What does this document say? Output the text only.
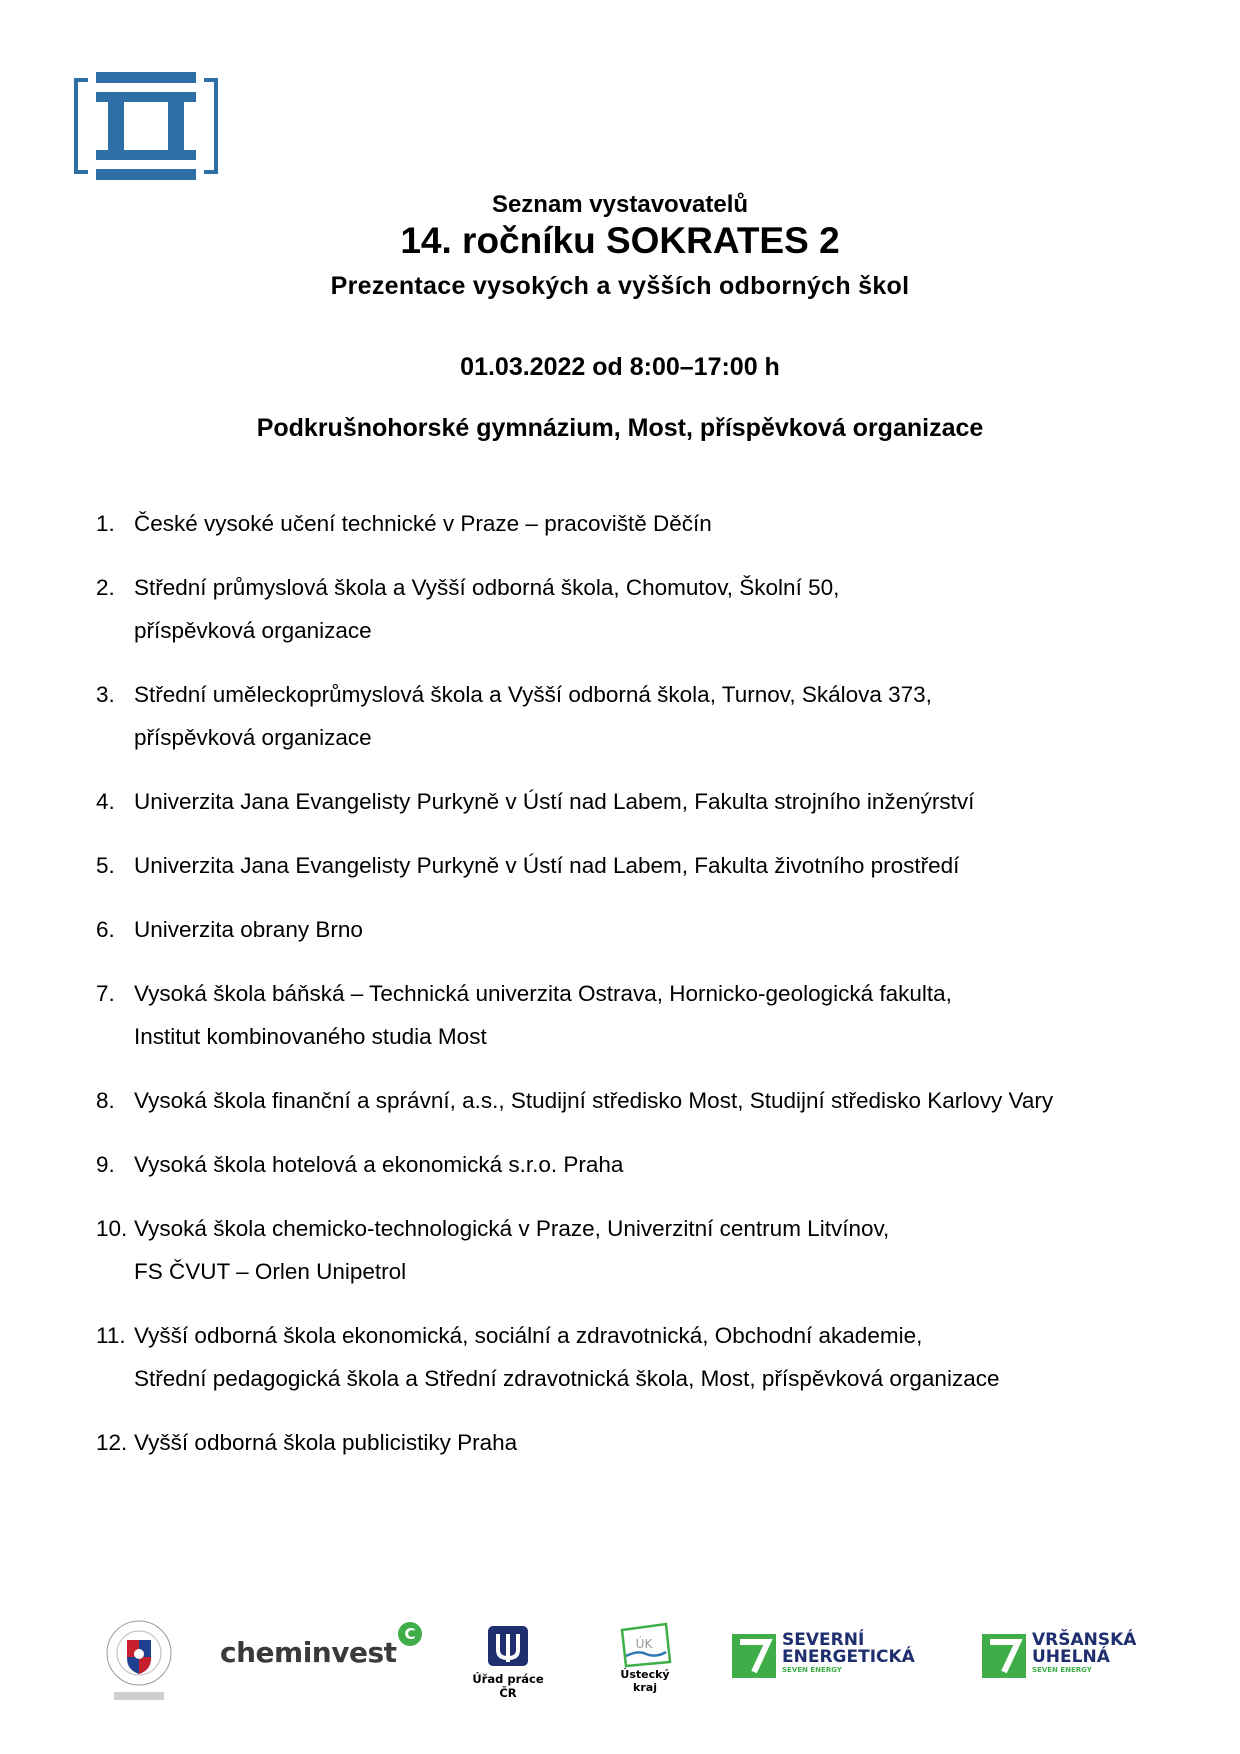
Seznam vystavovatelů
14. ročníku SOKRATES 2
Prezentace vysokých a vyšších odborných škol
01.03.2022 od 8:00–17:00 h
Podkrušnohorské gymnázium, Most, příspěvková organizace
1. České vysoké učení technické v Praze – pracoviště Děčín
2. Střední průmyslová škola a Vyšší odborná škola, Chomutov, Školní 50,
příspěvková organizace
3. Střední uměleckoprůmyslová škola a Vyšší odborná škola, Turnov, Skálova 373,
příspěvková organizace
4. Univerzita Jana Evangelisty Purkyně v Ústí nad Labem, Fakulta strojního inženýrství
5. Univerzita Jana Evangelisty Purkyně v Ústí nad Labem, Fakulta životního prostředí
6. Univerzita obrany Brno
7. Vysoká škola báňská – Technická univerzita Ostrava, Hornicko-geologická fakulta,
Institut kombinovaného studia Most
8. Vysoká škola finanční a správní, a.s., Studijní středisko Most, Studijní středisko Karlovy Vary
9. Vysoká škola hotelová a ekonomická s.r.o. Praha
10. Vysoká škola chemicko-technologická v Praze, Univerzitní centrum Litvínov,
FS ČVUT – Orlen Unipetrol
11. Vyšší odborná škola ekonomická, sociální a zdravotnická, Obchodní akademie,
Střední pedagogická škola a Střední zdravotnická škola, Most, příspěvková organizace
12. Vyšší odborná škola publicistiky Praha
cheminvest
C
Úřad práce ČR
ÚK
Ústecký kraj
SEVERNÍ
ENERGETICKÁ
SEVEN ENERGY
VRŠANSKÁ
UHELNÁ
SEVEN ENERGY
